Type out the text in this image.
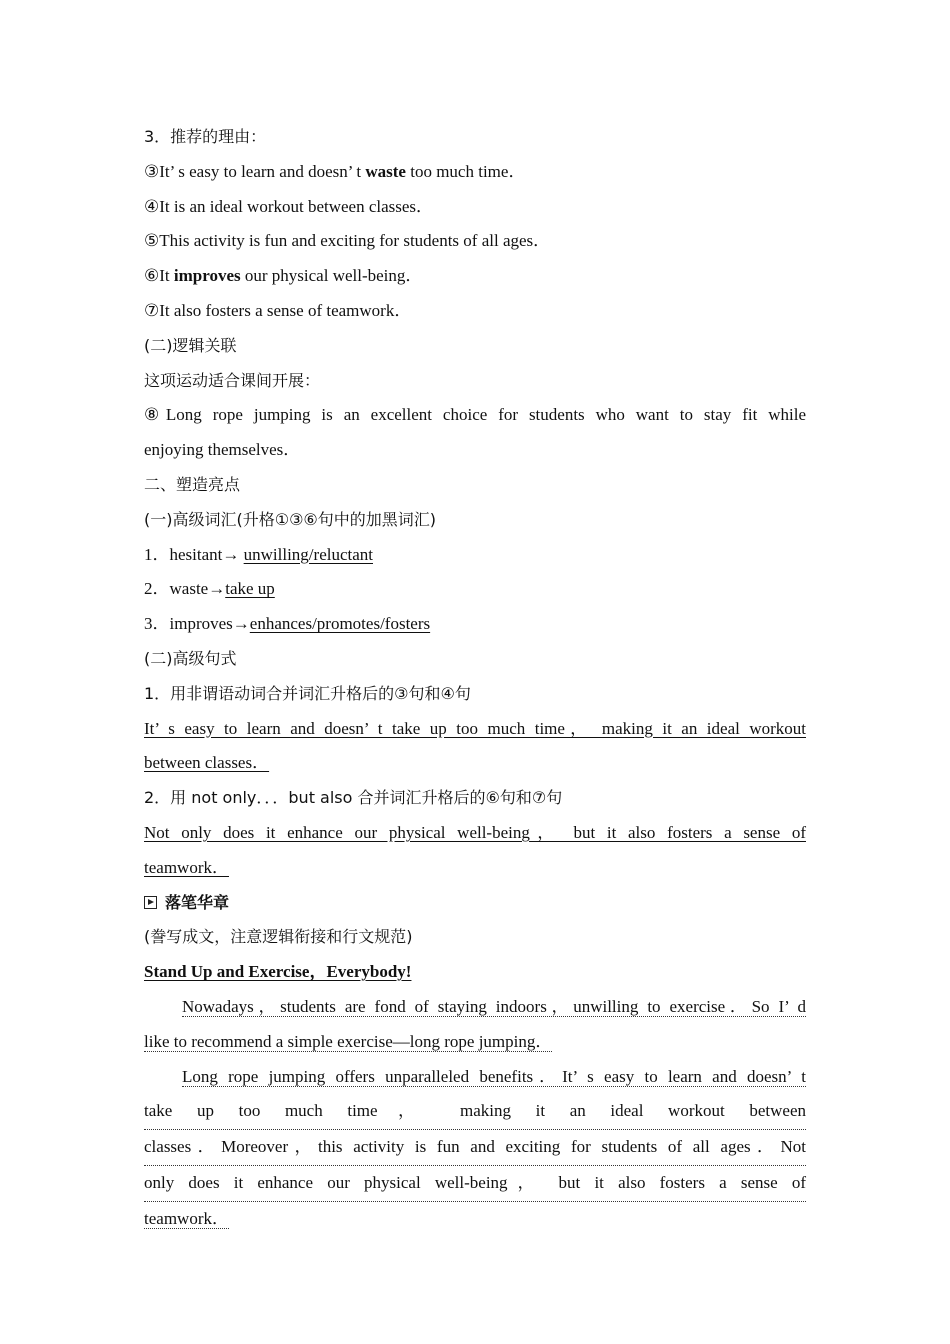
3．推荐的理由：
③It’ s easy to learn and doesn’ t waste too much time．
④It is an ideal workout between classes．
⑤This activity is fun and exciting for students of all ages．
⑥It improves our physical well-being．
⑦It also fosters a sense of teamwork．
(二)逻辑关联
这项运动适合课间开展：
⑧Long rope jumping is an excellent choice for students who want to stay fit while
enjoying themselves．
二、塑造亮点
(一)高级词汇(升格①③⑥句中的加黑词汇)
1．hesitant→ unwilling/reluctant
2．waste→take up
3．improves→enhances/promotes/fosters
(二)高级句式
1．用非谓语动词合并词汇升格后的③句和④句
It’ s easy to learn and doesn’ t take up too much time， making it an ideal workout
between classes．
2．用 not only．．．but also 合并词汇升格后的⑥句和⑦句
Not only does it enhance our physical well-being， but it also fosters a sense of
teamwork．
落笔华章
(誊写成文，注意逻辑衔接和行文规范)
Stand Up and Exercise，Everybody!
Nowadays，students are fond of staying indoors，unwilling to exercise．So I’ d
like to recommend a simple exercise—long rope jumping．
Long rope jumping offers unparalleled benefits．It’ s easy to learn and doesn’ t
take up too much time， making it an ideal workout between
classes．Moreover，this activity is fun and exciting for students of all ages．Not
only does it enhance our physical well-being， but it also fosters a sense of
teamwork．
